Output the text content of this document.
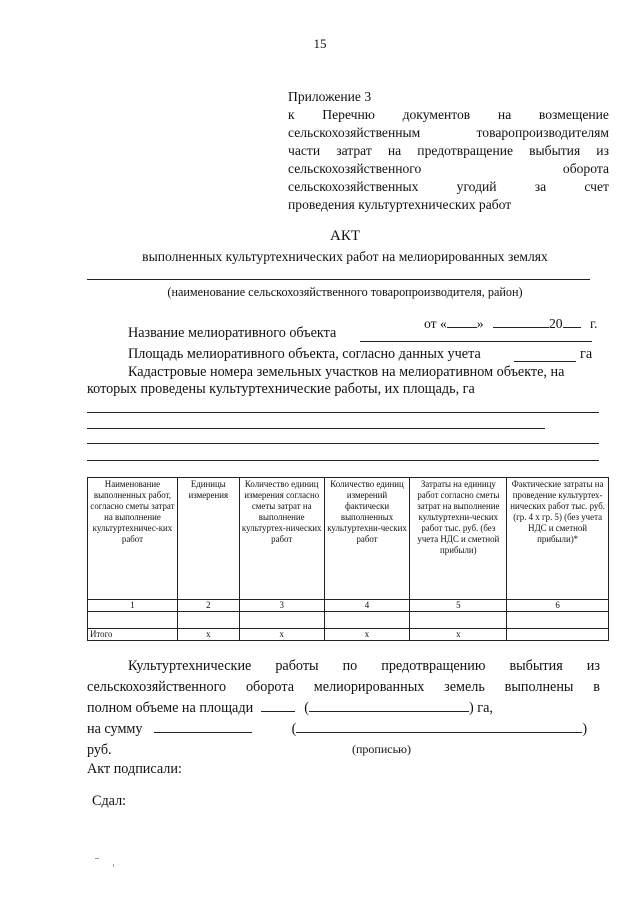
15
Приложение 3
к Перечню документов на возмещение
сельскохозяйственным	товаропроизводителям
части затрат на предотвращение выбытия из
сельскохозяйственного	оборота
сельскохозяйственных	угодий	за	счет
проведения культуртехнических работ
АКТ
выполненных культуртехнических работ на мелиорированных землях
(наименование сельскохозяйственного товаропроизводителя, район)
от « »	20 г.
Название мелиоративного объекта
Площадь мелиоративного объекта, согласно данных учета	га
Кадастровые номера земельных участков на мелиоративном объекте, на
которых проведены культуртехнические работы, их площадь, га
Наименование выполненных работ, согласно сметы затрат на выполнение культуртехничес-ких работ	Единицы измерения	Количество единиц измерения согласно сметы затрат на выполнение культуртех-нических работ	Количество единиц измерений фактически выполненных культуртехни-ческих работ	Затраты на единицу работ согласно сметы затрат на выполнение культуртехни-ческих работ тыс. руб. (без учета НДС и сметной прибыли)	Фактические затраты на проведение культуртех-нических работ тыс. руб. (гр. 4 х гр. 5) (без учета НДС и сметной прибыли)*
1	2	3	4	5	6

Итого	х	х	х	х	
Культуртехнические работы по предотвращению выбытия из
сельскохозяйственного оборота мелиорированных земель выполнены в
полном объеме на площади	(	) га,
на сумму	(	)
руб.	(прописью)
Акт подписали:
Сдал:
